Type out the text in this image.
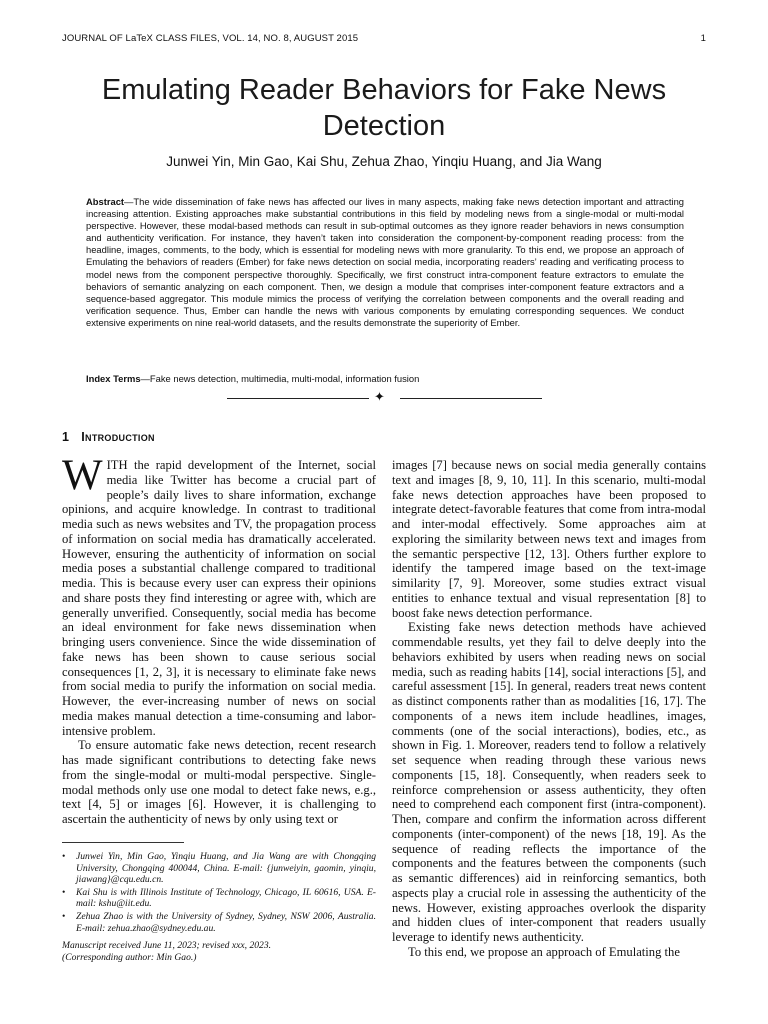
JOURNAL OF LaTeX CLASS FILES, VOL. 14, NO. 8, AUGUST 2015	1
Emulating Reader Behaviors for Fake News
Detection
Junwei Yin, Min Gao, Kai Shu, Zehua Zhao, Yinqiu Huang, and Jia Wang
Abstract—The wide dissemination of fake news has affected our lives in many aspects, making fake news detection important and attracting increasing attention. Existing approaches make substantial contributions in this field by modeling news from a single-modal or multi-modal perspective. However, these modal-based methods can result in sub-optimal outcomes as they ignore reader behaviors in news consumption and authenticity verification. For instance, they haven’t taken into consideration the component-by-component reading process: from the headline, images, comments, to the body, which is essential for modeling news with more granularity. To this end, we propose an approach of Emulating the behaviors of readers (Ember) for fake news detection on social media, incorporating readers’ reading and verificating process to model news from the component perspective thoroughly. Specifically, we first construct intra-component feature extractors to emulate the behaviors of semantic analyzing on each component. Then, we design a module that comprises inter-component feature extractors and a sequence-based aggregator. This module mimics the process of verifying the correlation between components and the overall reading and verification sequence. Thus, Ember can handle the news with various components by emulating corresponding sequences. We conduct extensive experiments on nine real-world datasets, and the results demonstrate the superiority of Ember.
Index Terms—Fake news detection, multimedia, multi-modal, information fusion
✦
1 Introduction

WITH the rapid development of the Internet, social media like Twitter has become a crucial part of people’s daily lives to share information, exchange opinions, and acquire knowledge. In contrast to traditional media such as news websites and TV, the propagation process of information on social media has dramatically accelerated. However, ensuring the authenticity of information on social media poses a substantial challenge compared to traditional media. This is because every user can express their opinions and share posts they find interesting or agree with, which are generally unverified. Consequently, social media has become an ideal environment for fake news dissemination when bringing users convenience. Since the wide dissemination of fake news has been shown to cause serious social consequences [1, 2, 3], it is necessary to eliminate fake news from social media to purify the information on social media. However, the ever-increasing number of news on social media makes manual detection a time-consuming and labor-intensive problem.

To ensure automatic fake news detection, recent research has made significant contributions to detecting fake news from the single-modal or multi-modal perspective. Single-modal methods only use one modal to detect fake news, e.g., text [4, 5] or images [6]. However, it is challenging to ascertain the authenticity of news by only using text or

images [7] because news on social media generally contains text and images [8, 9, 10, 11]. In this scenario, multi-modal fake news detection approaches have been proposed to integrate detect-favorable features that come from intra-modal and inter-modal effectively. Some approaches aim at exploring the similarity between news text and images from the semantic perspective [12, 13]. Others further explore to identify the tampered image based on the text-image similarity [7, 9]. Moreover, some studies extract visual entities to enhance textual and visual representation [8] to boost fake news detection performance.

Existing fake news detection methods have achieved commendable results, yet they fail to delve deeply into the behaviors exhibited by users when reading news on social media, such as reading habits [14], social interactions [5], and careful assessment [15]. In general, readers treat news content as distinct components rather than as modalities [16, 17]. The components of a news item include headlines, images, comments (one of the social interactions), bodies, etc., as shown in Fig. 1. Moreover, readers tend to follow a relatively set sequence when reading through these various news components [15, 18]. Consequently, when readers seek to reinforce comprehension or assess authenticity, they often need to comprehend each component first (intra-component). Then, compare and confirm the information across different components (inter-component) of the news [18, 19]. As the sequence of reading reflects the importance of the components and the features between the components (such as semantic differences) aid in reinforcing semantics, both aspects play a crucial role in assessing the authenticity of the news. However, existing approaches overlook the disparity and hidden clues of inter-component that readers usually leverage to identify news authenticity.

To this end, we propose an approach of Emulating the

• Junwei Yin, Min Gao, Yinqiu Huang, and Jia Wang are with Chongqing University, Chongqing 400044, China. E-mail: {junweiyin, gaomin, yinqiu, jiawang}@cqu.edu.cn.
• Kai Shu is with Illinois Institute of Technology, Chicago, IL 60616, USA. E-mail: kshu@iit.edu.
• Zehua Zhao is with the University of Sydney, Sydney, NSW 2006, Australia. E-mail: zehua.zhao@sydney.edu.au.
Manuscript received June 11, 2023; revised xxx, 2023.
(Corresponding author: Min Gao.)
